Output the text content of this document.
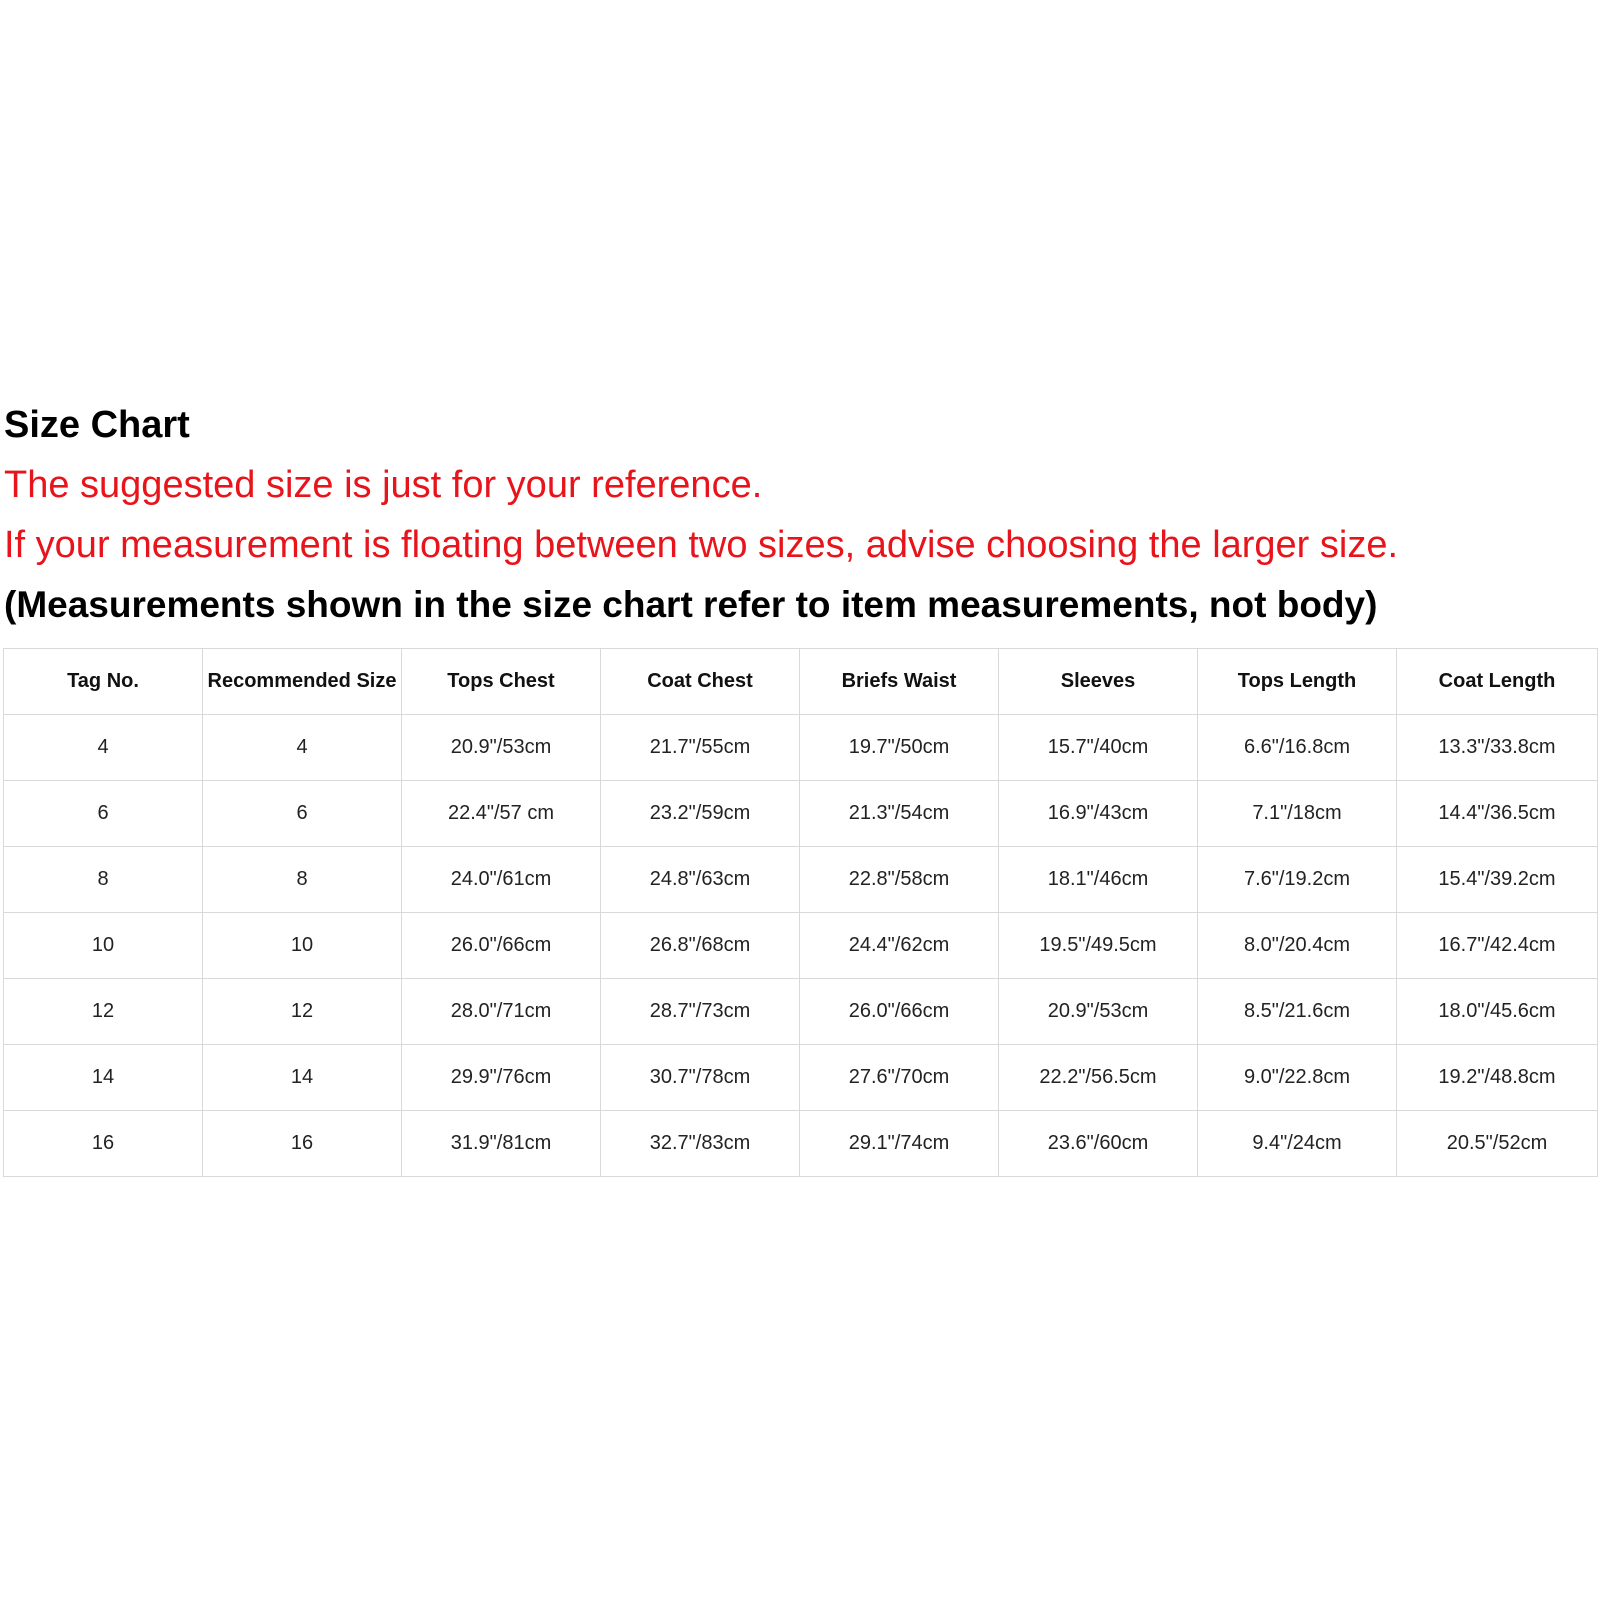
Size Chart
The suggested size is just for your reference.
If your measurement is floating between two sizes, advise choosing the larger size.
(Measurements shown in the size chart refer to item measurements, not body)
Tag No.	Recommended Size	Tops Chest	Coat Chest	Briefs Waist	Sleeves	Tops Length	Coat Length
4	4	20.9"/53cm	21.7"/55cm	19.7"/50cm	15.7"/40cm	6.6"/16.8cm	13.3"/33.8cm
6	6	22.4"/57 cm	23.2"/59cm	21.3"/54cm	16.9"/43cm	7.1"/18cm	14.4"/36.5cm
8	8	24.0"/61cm	24.8"/63cm	22.8"/58cm	18.1"/46cm	7.6"/19.2cm	15.4"/39.2cm
10	10	26.0"/66cm	26.8"/68cm	24.4"/62cm	19.5"/49.5cm	8.0"/20.4cm	16.7"/42.4cm
12	12	28.0"/71cm	28.7"/73cm	26.0"/66cm	20.9"/53cm	8.5"/21.6cm	18.0"/45.6cm
14	14	29.9"/76cm	30.7"/78cm	27.6"/70cm	22.2"/56.5cm	9.0"/22.8cm	19.2"/48.8cm
16	16	31.9"/81cm	32.7"/83cm	29.1"/74cm	23.6"/60cm	9.4"/24cm	20.5"/52cm
